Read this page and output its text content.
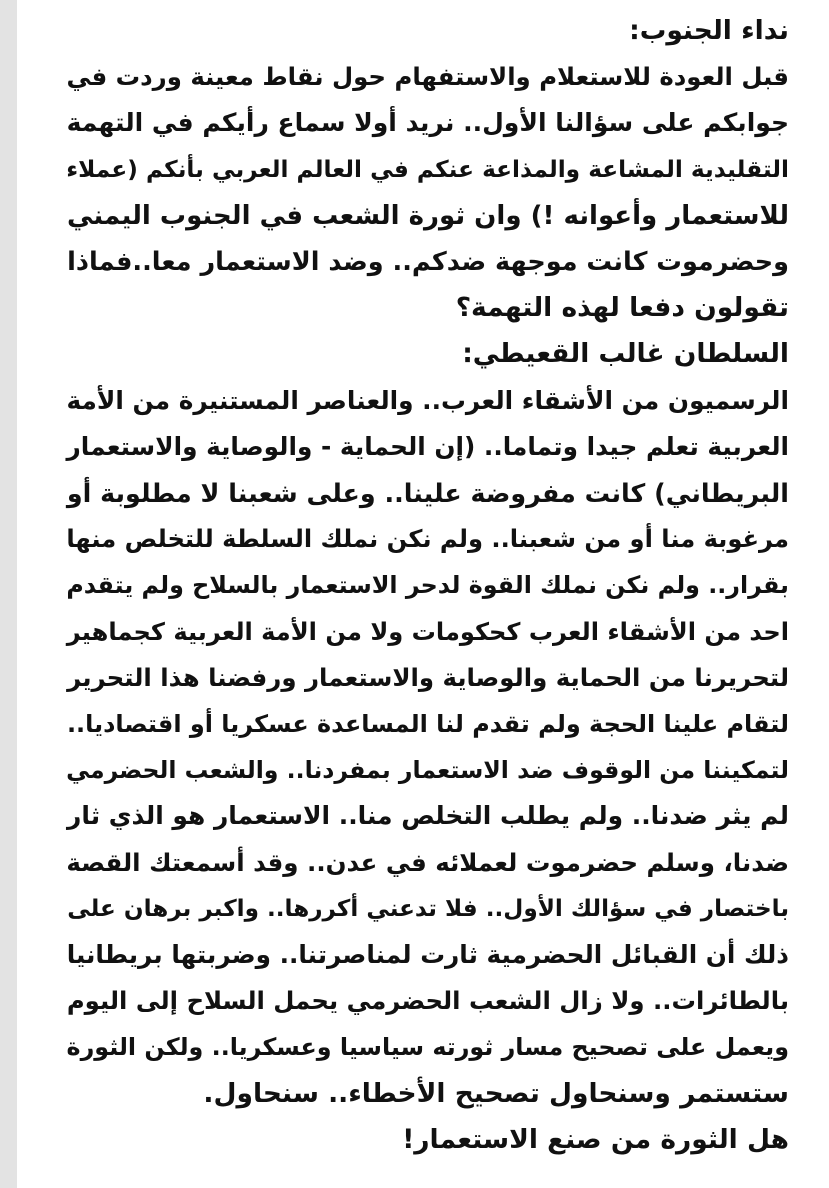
نداء الجنوب:
قبل العودة للاستعلام والاستفهام حول نقاط معينة وردت في
جوابكم على سؤالنا الأول.. نريد أولا سماع رأيكم في التهمة
التقليدية المشاعة والمذاعة عنكم في العالم العربي بأنكم (عملاء
للاستعمار وأعوانه !) وان ثورة الشعب في الجنوب اليمني
وحضرموت كانت موجهة ضدكم.. وضد الاستعمار معا..فماذا
تقولون دفعا لهذه التهمة؟
السلطان غالب القعيطي:
الرسميون من الأشقاء العرب.. والعناصر المستنيرة من الأمة
العربية تعلم جيدا وتماما.. (إن الحماية - والوصاية والاستعمار
البريطاني) كانت مفروضة علينا.. وعلى شعبنا لا مطلوبة أو
مرغوبة منا أو من شعبنا.. ولم نكن نملك السلطة للتخلص منها
بقرار.. ولم نكن نملك القوة لدحر الاستعمار بالسلاح ولم يتقدم
احد من الأشقاء العرب كحكومات ولا من الأمة العربية كجماهير
لتحريرنا من الحماية والوصاية والاستعمار ورفضنا هذا التحرير
لتقام علينا الحجة ولم تقدم لنا المساعدة عسكريا أو اقتصاديا..
لتمكيننا من الوقوف ضد الاستعمار بمفردنا.. والشعب الحضرمي
لم يثر ضدنا.. ولم يطلب التخلص منا.. الاستعمار هو الذي ثار
ضدنا، وسلم حضرموت لعملائه في عدن.. وقد أسمعتك القصة
باختصار في سؤالك الأول.. فلا تدعني أكررها.. واكبر برهان على
ذلك أن القبائل الحضرمية ثارت لمناصرتنا.. وضربتها بريطانيا
بالطائرات.. ولا زال الشعب الحضرمي يحمل السلاح إلى اليوم
ويعمل على تصحيح مسار ثورته سياسيا وعسكريا.. ولكن الثورة
ستستمر وسنحاول تصحيح الأخطاء.. سنحاول.
هل الثورة من صنع الاستعمار!
